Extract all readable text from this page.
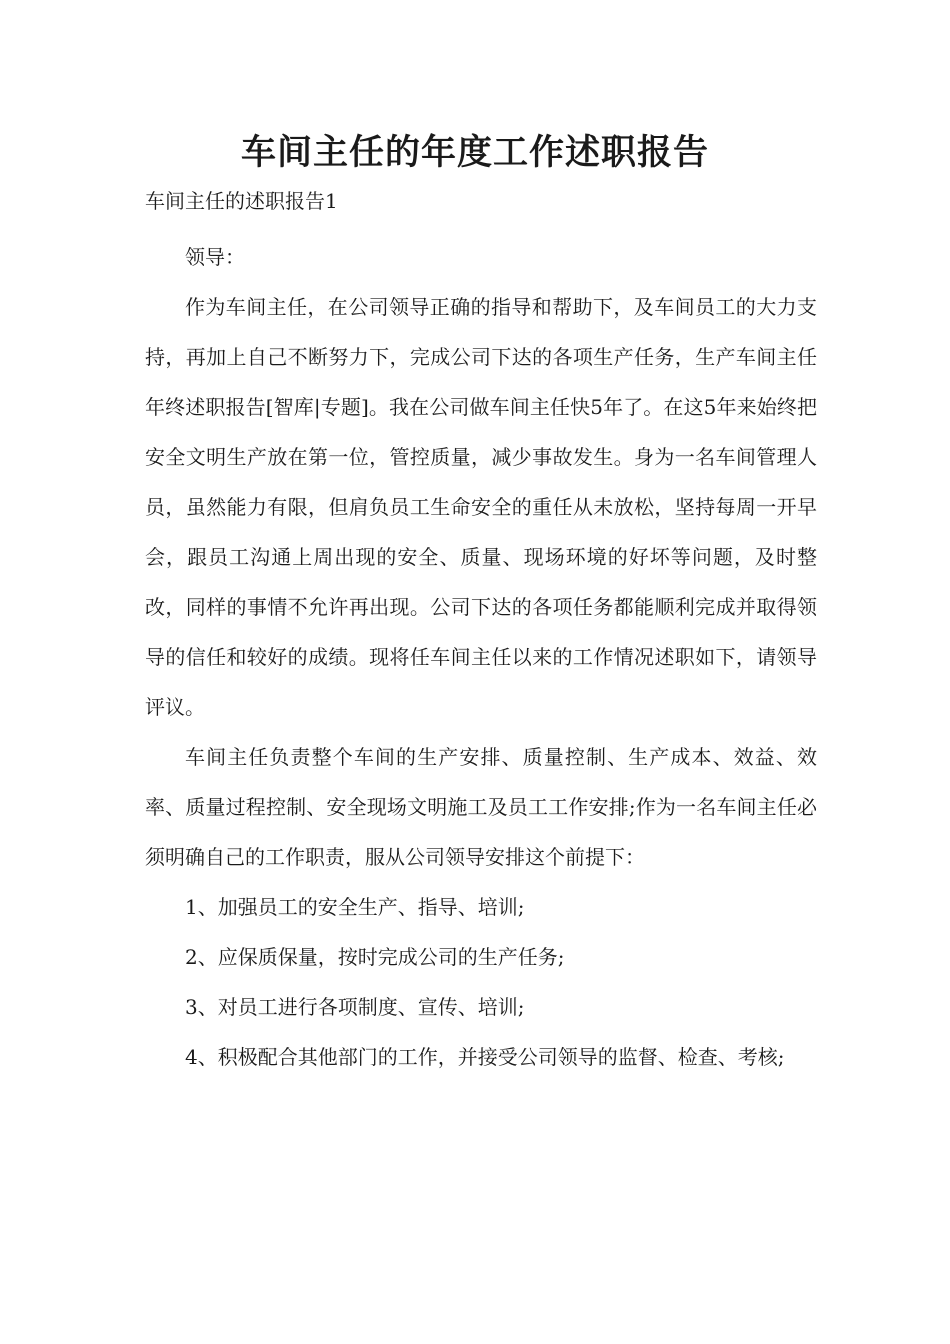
车间主任的年度工作述职报告

车间主任的述职报告1

领导：

作为车间主任，在公司领导正确的指导和帮助下，及车间员工的大力支持，再加上自己不断努力下，完成公司下达的各项生产任务，生产车间主任年终述职报告[智库|专题]。我在公司做车间主任快5年了。在这5年来始终把安全文明生产放在第一位，管控质量，减少事故发生。身为一名车间管理人员，虽然能力有限，但肩负员工生命安全的重任从未放松，坚持每周一开早会，跟员工沟通上周出现的安全、质量、现场环境的好坏等问题，及时整改，同样的事情不允许再出现。公司下达的各项任务都能顺利完成并取得领导的信任和较好的成绩。现将任车间主任以来的工作情况述职如下，请领导评议。

车间主任负责整个车间的生产安排、质量控制、生产成本、效益、效率、质量过程控制、安全现场文明施工及员工工作安排;作为一名车间主任必须明确自己的工作职责，服从公司领导安排这个前提下：

1、加强员工的安全生产、指导、培训;

2、应保质保量，按时完成公司的生产任务;

3、对员工进行各项制度、宣传、培训;

4、积极配合其他部门的工作，并接受公司领导的监督、检查、考核;
